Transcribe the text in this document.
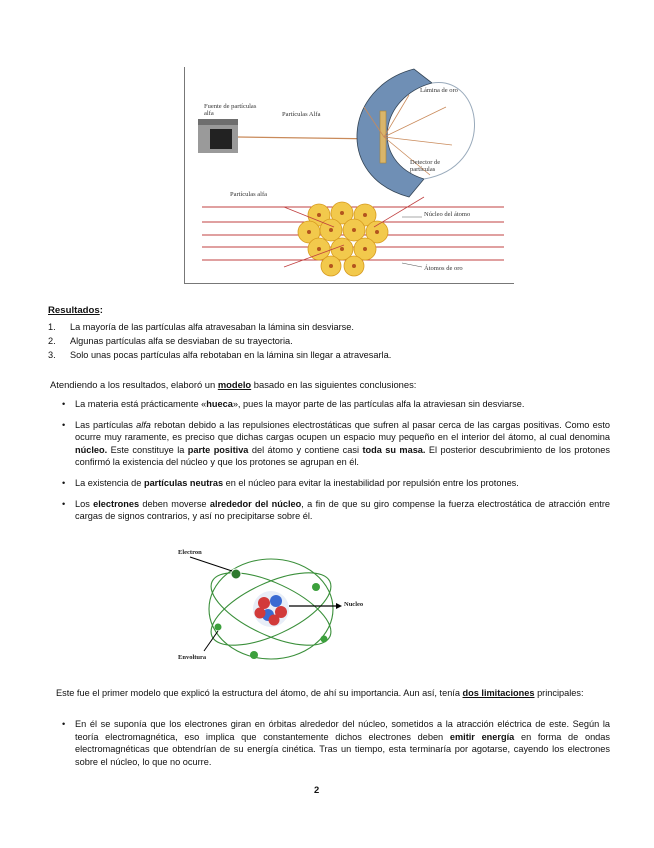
Fuente de partículas alfa	Partículas Alfa
Lámina de oro
Detector de partículas
Partículas alfa
Núcleo del átomo
Átomos de oro
Resultados:
1. La mayoría de las partículas alfa atravesaban la lámina sin desviarse.
2. Algunas partículas alfa se desviaban de su trayectoria.
3. Solo unas pocas partículas alfa rebotaban en la lámina sin llegar a atravesarla.
Atendiendo a los resultados, elaboró un modelo basado en las siguientes conclusiones:
• La materia está prácticamente «hueca», pues la mayor parte de las partículas alfa la atraviesan sin desviarse.
• Las partículas alfa rebotan debido a las repulsiones electrostáticas que sufren al pasar cerca de las cargas positivas. Como esto ocurre muy raramente, es preciso que dichas cargas ocupen un espacio muy pequeño en el interior del átomo, al cual denomina núcleo. Este constituye la parte positiva del átomo y contiene casi toda su masa. El posterior descubrimiento de los protones confirmó la existencia del núcleo y que los protones se agrupan en él.
• La existencia de partículas neutras en el núcleo para evitar la inestabilidad por repulsión entre los protones.
• Los electrones deben moverse alrededor del núcleo, a fin de que su giro compense la fuerza electrostática de atracción entre cargas de signos contrarios, y así no precipitarse sobre él.
Electron
Nucleo
Envoltura
Este fue el primer modelo que explicó la estructura del átomo, de ahí su importancia. Aun así, tenía dos limitaciones principales:
• En él se suponía que los electrones giran en órbitas alrededor del núcleo, sometidos a la atracción eléctrica de este. Según la teoría electromagnética, eso implica que constantemente dichos electrones deben emitir energía en forma de ondas electromagnéticas que obtendrían de su energía cinética. Tras un tiempo, esta terminaría por agotarse, cayendo los electrones sobre el núcleo, lo que no ocurre.
2
